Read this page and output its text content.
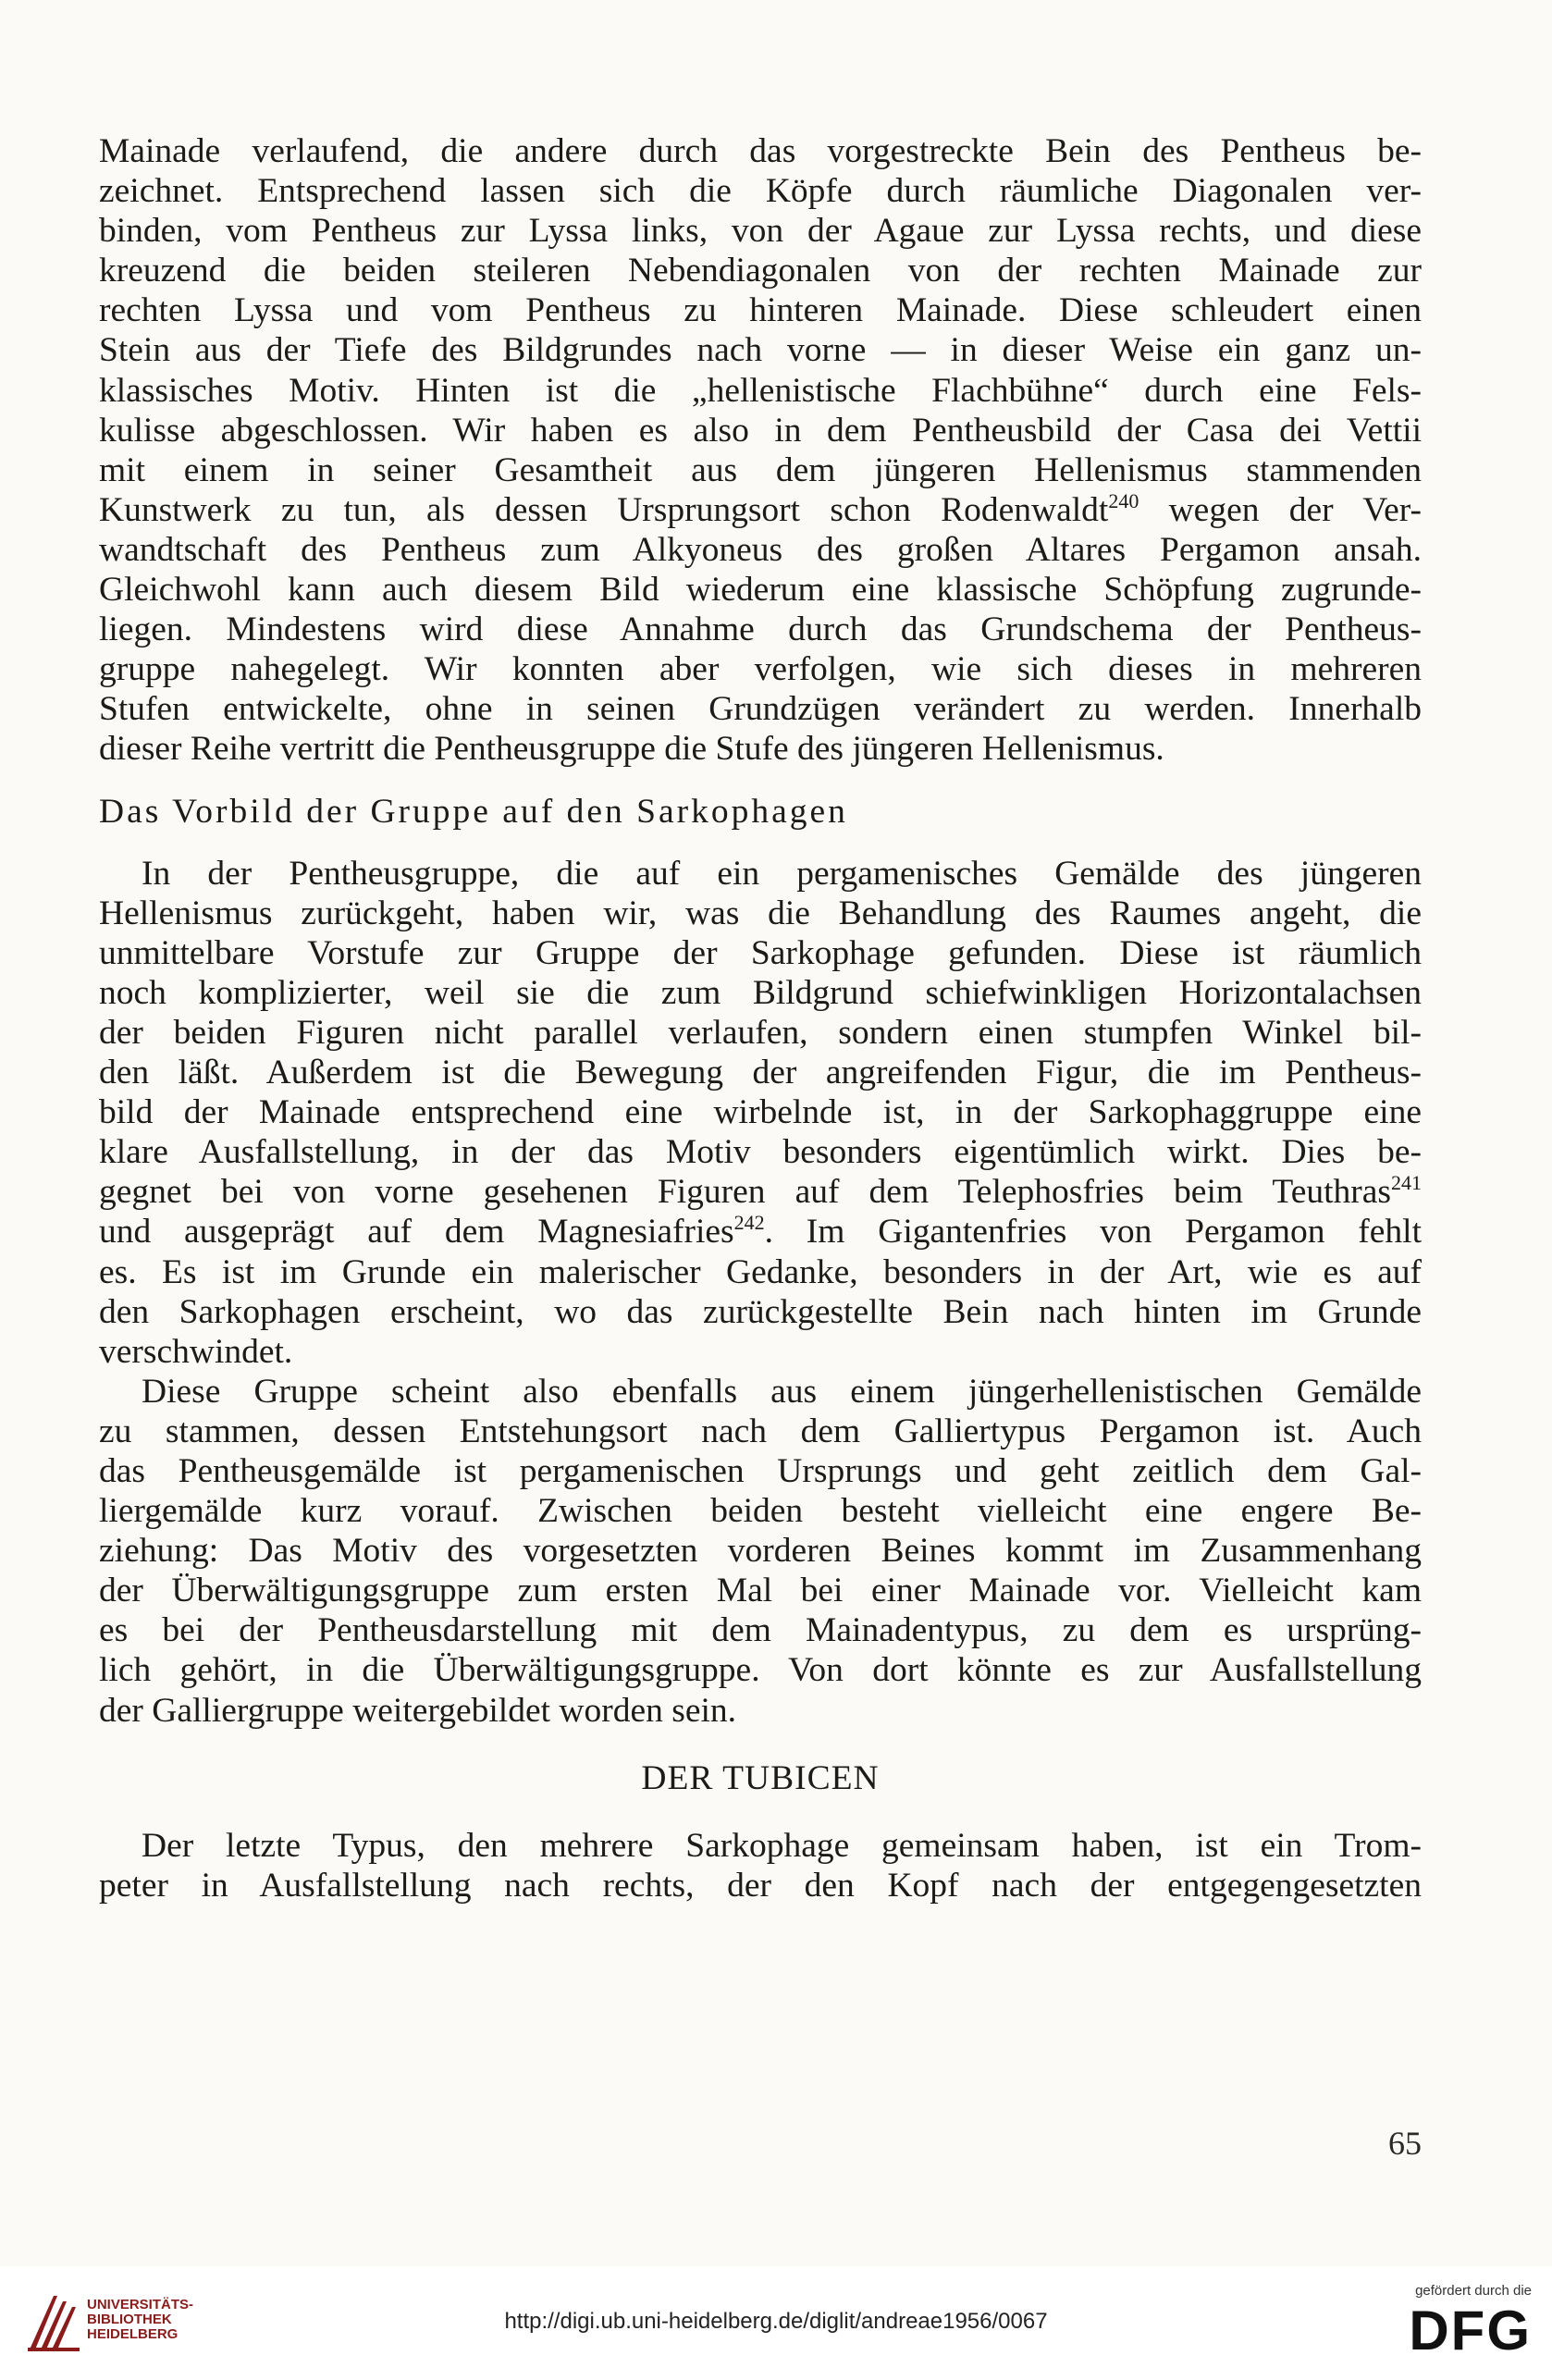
Mainade verlaufend, die andere durch das vorgestreckte Bein des Pentheus be-
zeichnet. Entsprechend lassen sich die Köpfe durch räumliche Diagonalen ver-
binden, vom Pentheus zur Lyssa links, von der Agaue zur Lyssa rechts, und diese
kreuzend die beiden steileren Nebendiagonalen von der rechten Mainade zur
rechten Lyssa und vom Pentheus zu hinteren Mainade. Diese schleudert einen
Stein aus der Tiefe des Bildgrundes nach vorne — in dieser Weise ein ganz un-
klassisches Motiv. Hinten ist die „hellenistische Flachbühne“ durch eine Fels-
kulisse abgeschlossen. Wir haben es also in dem Pentheusbild der Casa dei Vettii
mit einem in seiner Gesamtheit aus dem jüngeren Hellenismus stammenden
Kunstwerk zu tun, als dessen Ursprungsort schon Rodenwaldt$^{240}$ wegen der Ver-
wandtschaft des Pentheus zum Alkyoneus des großen Altares Pergamon ansah.
Gleichwohl kann auch diesem Bild wiederum eine klassische Schöpfung zugrunde-
liegen. Mindestens wird diese Annahme durch das Grundschema der Pentheus-
gruppe nahegelegt. Wir konnten aber verfolgen, wie sich dieses in mehreren
Stufen entwickelte, ohne in seinen Grundzügen verändert zu werden. Innerhalb
dieser Reihe vertritt die Pentheusgruppe die Stufe des jüngeren Hellenismus.
Das Vorbild der Gruppe auf den Sarkophagen
In der Pentheusgruppe, die auf ein pergamenisches Gemälde des jüngeren
Hellenismus zurückgeht, haben wir, was die Behandlung des Raumes angeht, die
unmittelbare Vorstufe zur Gruppe der Sarkophage gefunden. Diese ist räumlich
noch komplizierter, weil sie die zum Bildgrund schiefwinkligen Horizontalachsen
der beiden Figuren nicht parallel verlaufen, sondern einen stumpfen Winkel bil-
den läßt. Außerdem ist die Bewegung der angreifenden Figur, die im Pentheus-
bild der Mainade entsprechend eine wirbelnde ist, in der Sarkophaggruppe eine
klare Ausfallstellung, in der das Motiv besonders eigentümlich wirkt. Dies be-
gegnet bei von vorne gesehenen Figuren auf dem Telephosfries beim Teuthras$^{241}$
und ausgeprägt auf dem Magnesiafries$^{242}$. Im Gigantenfries von Pergamon fehlt
es. Es ist im Grunde ein malerischer Gedanke, besonders in der Art, wie es auf
den Sarkophagen erscheint, wo das zurückgestellte Bein nach hinten im Grunde
verschwindet.
Diese Gruppe scheint also ebenfalls aus einem jüngerhellenistischen Gemälde
zu stammen, dessen Entstehungsort nach dem Galliertypus Pergamon ist. Auch
das Pentheusgemälde ist pergamenischen Ursprungs und geht zeitlich dem Gal-
liergemälde kurz vorauf. Zwischen beiden besteht vielleicht eine engere Be-
ziehung: Das Motiv des vorgesetzten vorderen Beines kommt im Zusammenhang
der Überwältigungsgruppe zum ersten Mal bei einer Mainade vor. Vielleicht kam
es bei der Pentheusdarstellung mit dem Mainadentypus, zu dem es ursprüng-
lich gehört, in die Überwältigungsgruppe. Von dort könnte es zur Ausfallstellung
der Galliergruppe weitergebildet worden sein.
DER TUBICEN
Der letzte Typus, den mehrere Sarkophage gemeinsam haben, ist ein Trom-
peter in Ausfallstellung nach rechts, der den Kopf nach der entgegengesetzten
65
UNIVERSITÄTS-
BIBLIOTHEK
HEIDELBERG
http://digi.ub.uni-heidelberg.de/diglit/andreae1956/0067
gefördert durch die
DFG
